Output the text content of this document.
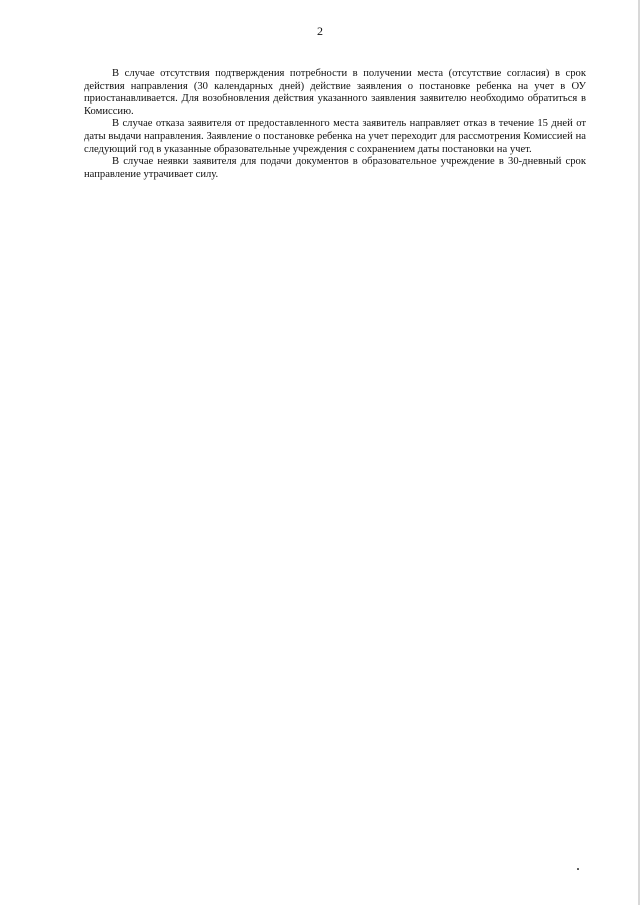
2

В случае отсутствия подтверждения потребности в получении места (отсутствие согласия) в срок действия направления (30 календарных дней) действие заявления о постановке ребенка на учет в ОУ приостанавливается. Для возобновления действия указанного заявления заявителю необходимо обратиться в Комиссию.

В случае отказа заявителя от предоставленного места заявитель направляет отказ в течение 15 дней от даты выдачи направления. Заявление о постановке ребенка на учет переходит для рассмотрения Комиссией на следующий год в указанные образовательные учреждения с сохранением даты постановки на учет.

В случае неявки заявителя для подачи документов в образовательное учреждение в 30-дневный срок направление утрачивает силу.
